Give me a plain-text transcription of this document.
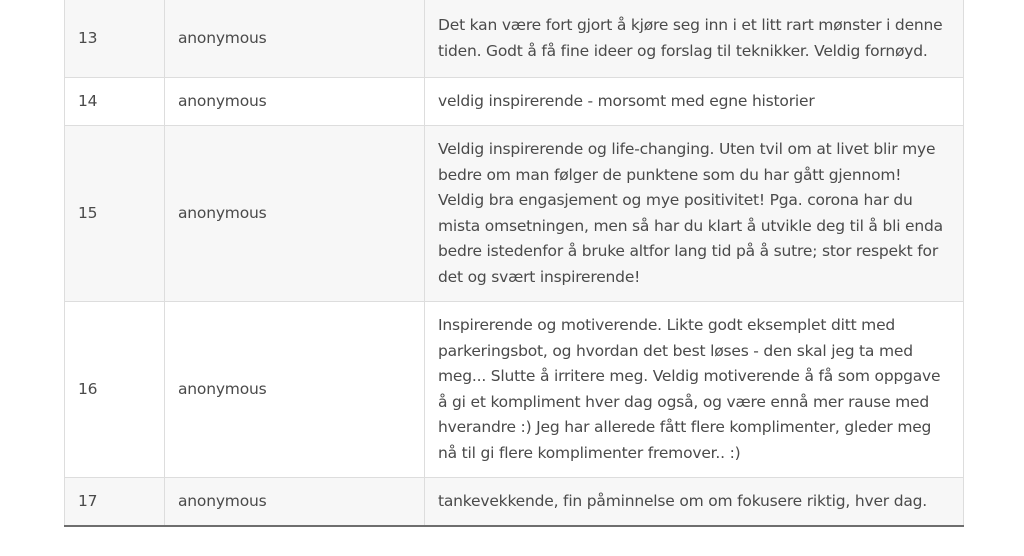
13	anonymous	Det kan være fort gjort å kjøre seg inn i et litt rart mønster i denne tiden. Godt å få fine ideer og forslag til teknikker. Veldig fornøyd.
14	anonymous	veldig inspirerende - morsomt med egne historier
15	anonymous	Veldig inspirerende og life-changing. Uten tvil om at livet blir mye bedre om man følger de punktene som du har gått gjennom! Veldig bra engasjement og mye positivitet! Pga. corona har du mista omsetningen, men så har du klart å utvikle deg til å bli enda bedre istedenfor å bruke altfor lang tid på å sutre; stor respekt for det og svært inspirerende!
16	anonymous	Inspirerende og motiverende. Likte godt eksemplet ditt med parkeringsbot, og hvordan det best løses - den skal jeg ta med meg... Slutte å irritere meg. Veldig motiverende å få som oppgave å gi et kompliment hver dag også, og være ennå mer rause med hverandre :) Jeg har allerede fått flere komplimenter, gleder meg nå til gi flere komplimenter fremover.. :)
17	anonymous	tankevekkende, fin påminnelse om om fokusere riktig, hver dag.
